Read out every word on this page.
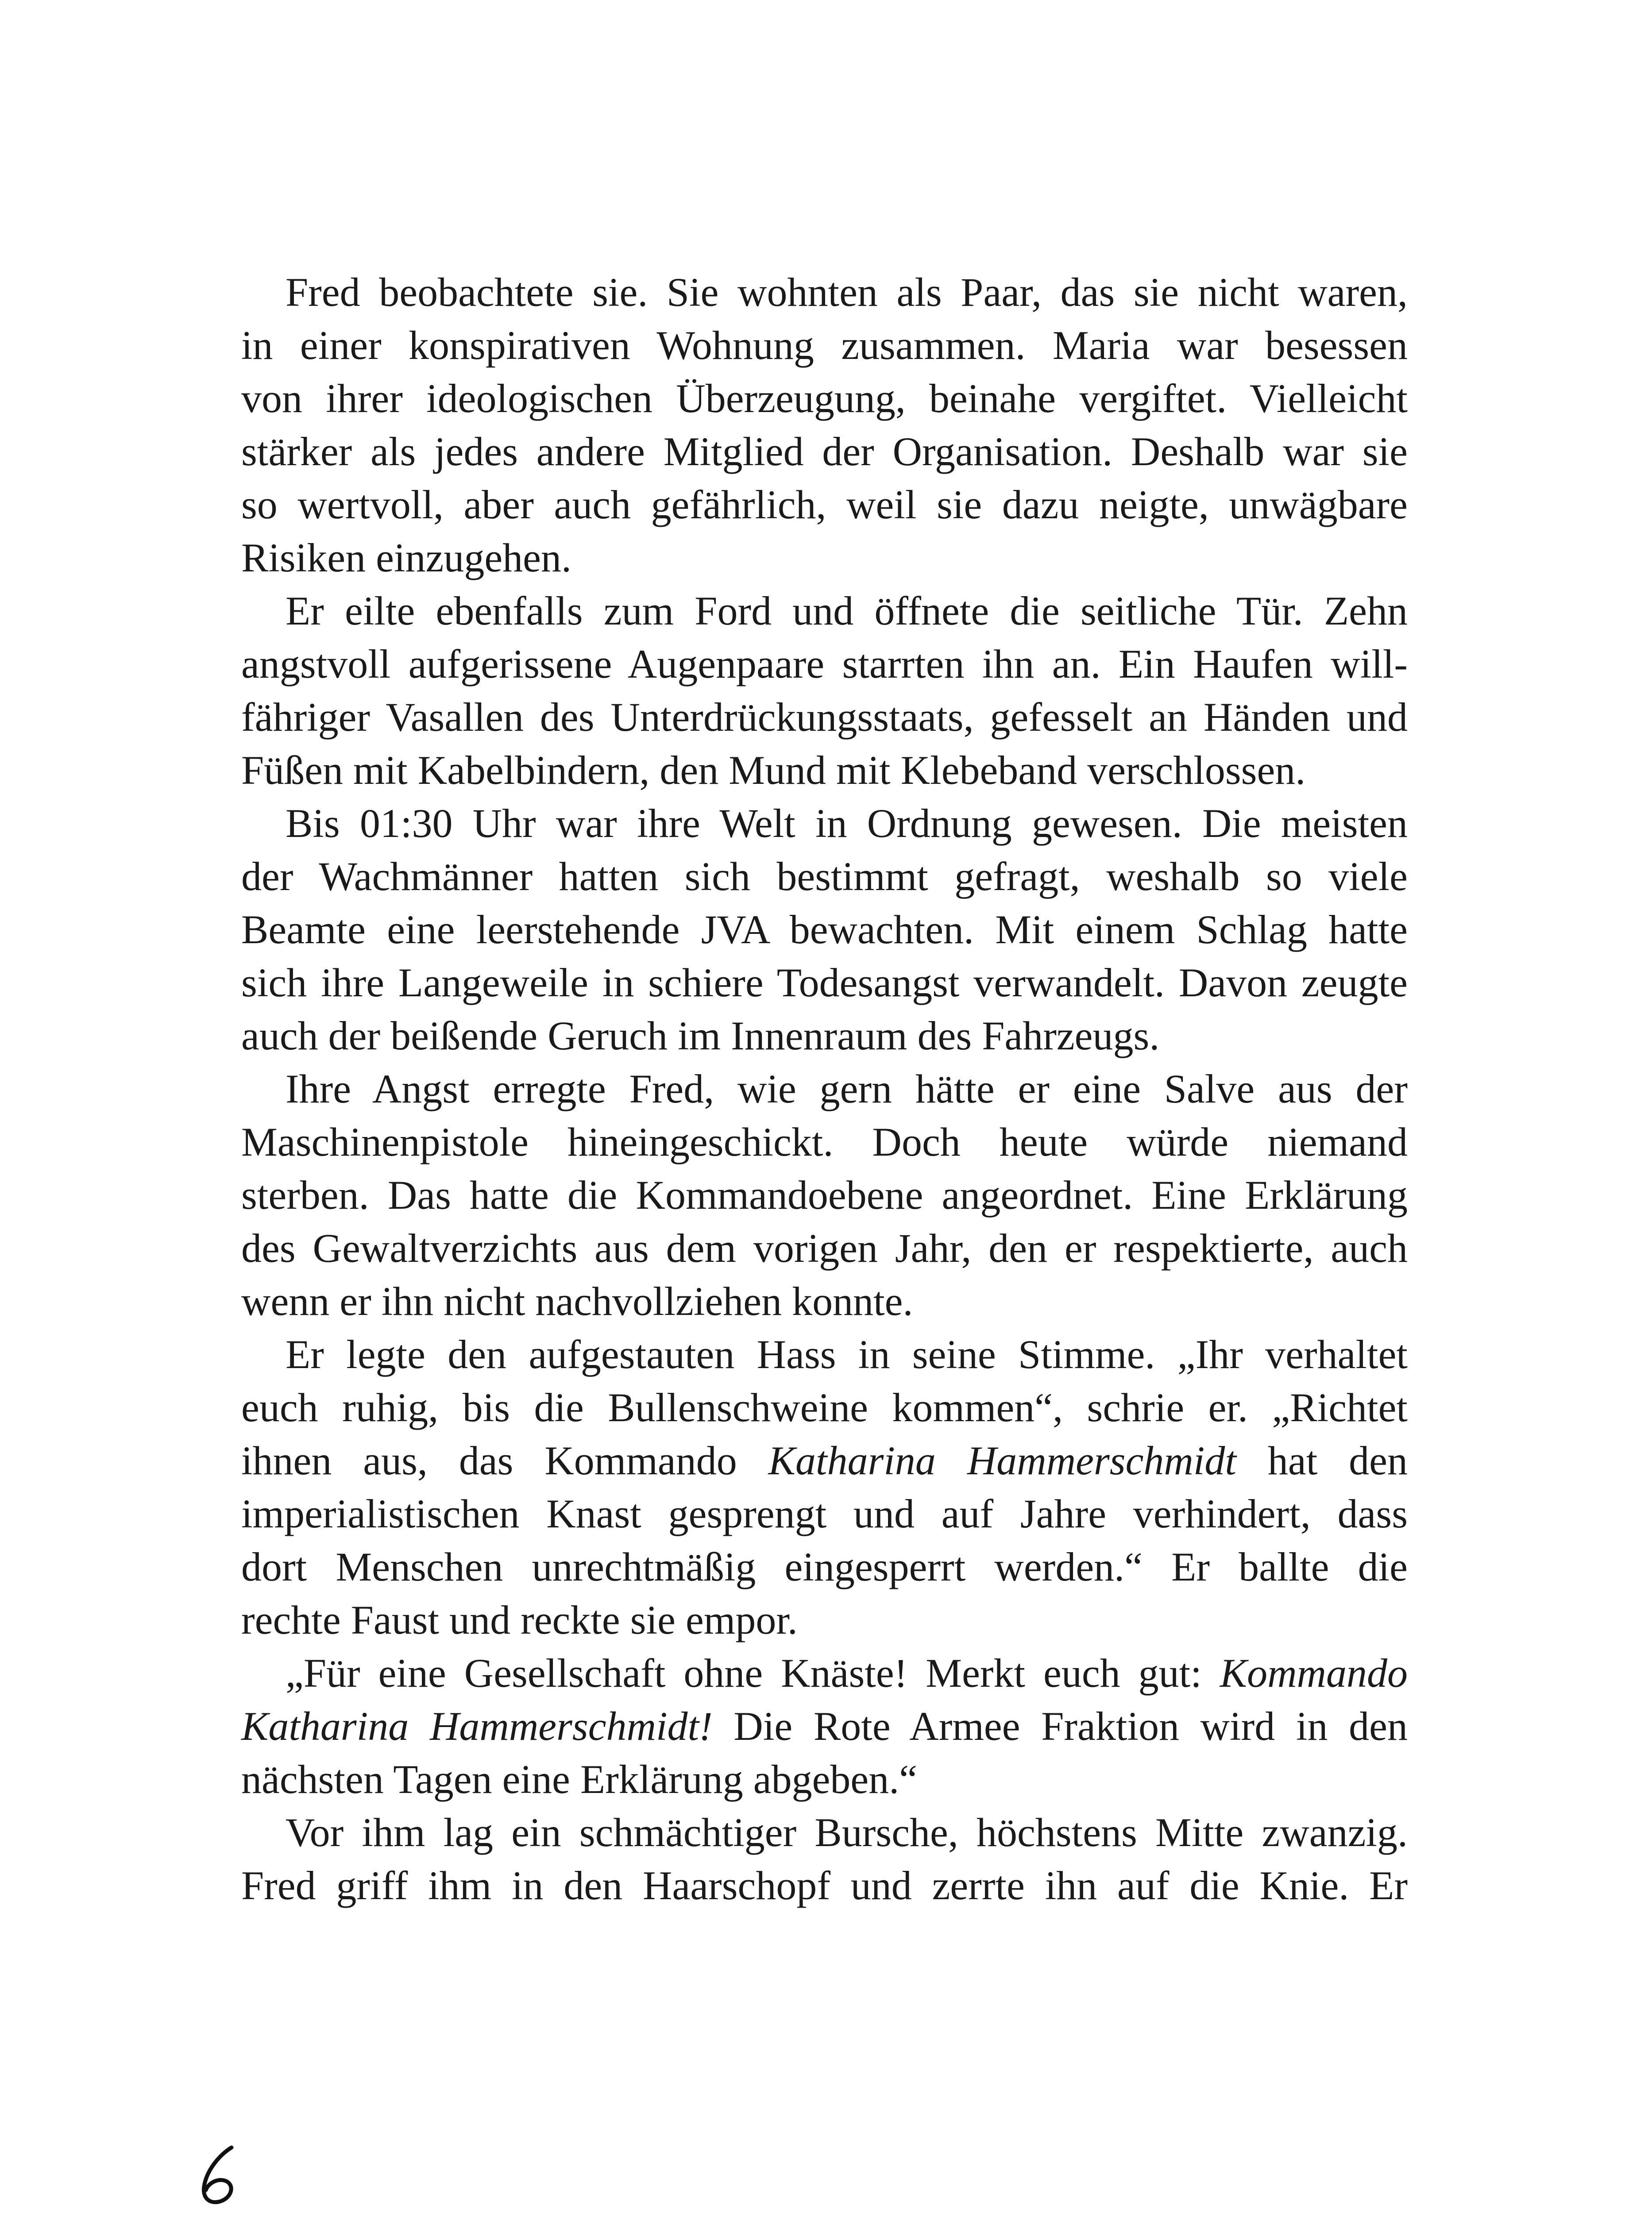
Fred beobachtete sie. Sie wohnten als Paar, das sie nicht waren,
in einer konspirativen Wohnung zusammen. Maria war besessen
von ihrer ideologischen Überzeugung, beinahe vergiftet. Vielleicht
stärker als jedes andere Mitglied der Organisation. Deshalb war sie
so wertvoll, aber auch gefährlich, weil sie dazu neigte, unwägbare
Risiken einzugehen.

Er eilte ebenfalls zum Ford und öffnete die seitliche Tür. Zehn
angstvoll aufgerissene Augenpaare starrten ihn an. Ein Haufen will-
fähriger Vasallen des Unterdrückungsstaats, gefesselt an Händen und
Füßen mit Kabelbindern, den Mund mit Klebeband verschlossen.

Bis 01:30 Uhr war ihre Welt in Ordnung gewesen. Die meisten
der Wachmänner hatten sich bestimmt gefragt, weshalb so viele
Beamte eine leerstehende JVA bewachten. Mit einem Schlag hatte
sich ihre Langeweile in schiere Todesangst verwandelt. Davon zeugte
auch der beißende Geruch im Innenraum des Fahrzeugs.

Ihre Angst erregte Fred, wie gern hätte er eine Salve aus der
Maschinenpistole hineingeschickt. Doch heute würde niemand
sterben. Das hatte die Kommandoebene angeordnet. Eine Erklärung
des Gewaltverzichts aus dem vorigen Jahr, den er respektierte, auch
wenn er ihn nicht nachvollziehen konnte.

Er legte den aufgestauten Hass in seine Stimme. „Ihr verhaltet
euch ruhig, bis die Bullenschweine kommen“, schrie er. „Richtet
ihnen aus, das Kommando Katharina Hammerschmidt hat den
imperialistischen Knast gesprengt und auf Jahre verhindert, dass
dort Menschen unrechtmäßig eingesperrt werden.“ Er ballte die
rechte Faust und reckte sie empor.

„Für eine Gesellschaft ohne Knäste! Merkt euch gut: Kommando
Katharina Hammerschmidt! Die Rote Armee Fraktion wird in den
nächsten Tagen eine Erklärung abgeben.“

Vor ihm lag ein schmächtiger Bursche, höchstens Mitte zwanzig.
Fred griff ihm in den Haarschopf und zerrte ihn auf die Knie. Er
